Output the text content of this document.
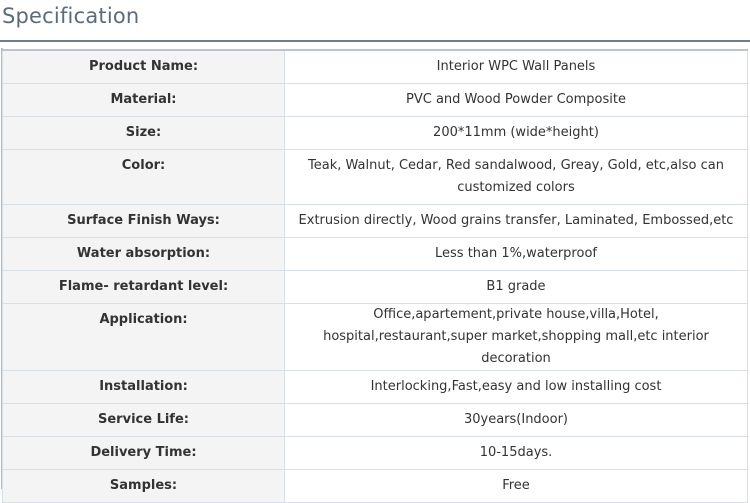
Specification
Product Name:	Interior WPC Wall Panels
Material:	PVC and Wood Powder Composite
Size:	200*11mm (wide*height)
Color:	Teak, Walnut, Cedar, Red sandalwood, Greay, Gold, etc,also can customized colors
Surface Finish Ways:	Extrusion directly, Wood grains transfer, Laminated, Embossed,etc
Water absorption:	Less than 1%,waterproof
Flame- retardant level:	B1 grade
Application:	Office,apartement,private house,villa,Hotel, hospital,restaurant,super market,shopping mall,etc interior decoration
Installation:	Interlocking,Fast,easy and low installing cost
Service Life:	30years(Indoor)
Delivery Time:	10-15days.
Samples:	Free
